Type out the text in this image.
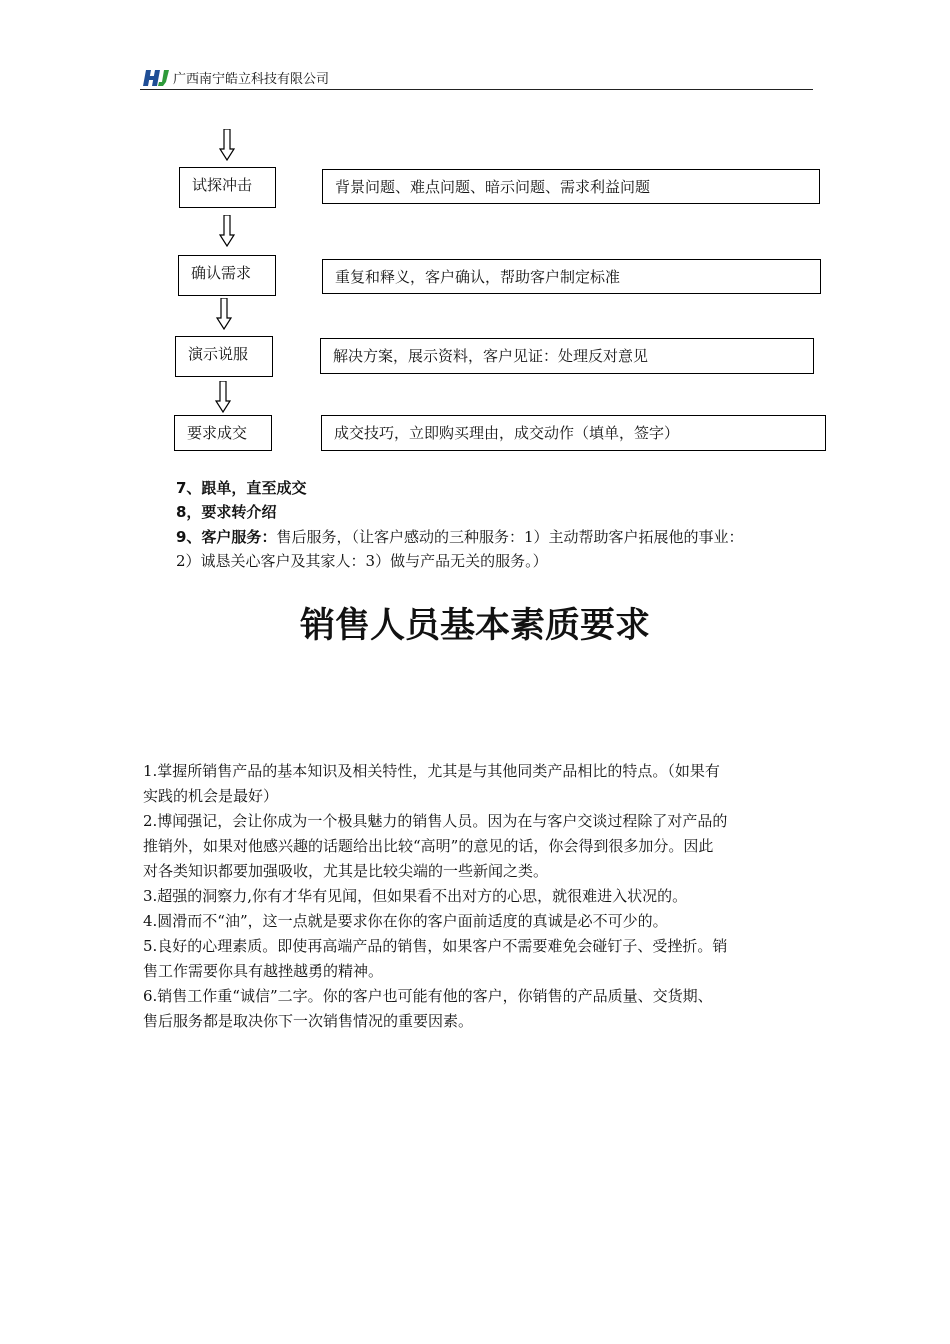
广西南宁皓立科技有限公司
试探冲击	背景问题、难点问题、暗示问题、需求利益问题
确认需求	重复和释义，客户确认，帮助客户制定标准
演示说服	解决方案，展示资料，客户见证：处理反对意见
要求成交	成交技巧，立即购买理由，成交动作（填单，签字）
7、跟单，直至成交
8，要求转介绍
9、客户服务：售后服务，（让客户感动的三种服务：1）主动帮助客户拓展他的事业：
2）诚恳关心客户及其家人：3）做与产品无关的服务。）
销售人员基本素质要求
1.掌握所销售产品的基本知识及相关特性，尤其是与其他同类产品相比的特点。（如果有
实践的机会是最好）
2.博闻强记，会让你成为一个极具魅力的销售人员。因为在与客户交谈过程除了对产品的
推销外，如果对他感兴趣的话题给出比较“高明”的意见的话，你会得到很多加分。因此
对各类知识都要加强吸收，尤其是比较尖端的一些新闻之类。
3.超强的洞察力,你有才华有见闻，但如果看不出对方的心思，就很难进入状况的。
4.圆滑而不“油”，这一点就是要求你在你的客户面前适度的真诚是必不可少的。
5.良好的心理素质。即使再高端产品的销售，如果客户不需要难免会碰钉子、受挫折。销
售工作需要你具有越挫越勇的精神。
6.销售工作重“诚信”二字。你的客户也可能有他的客户，你销售的产品质量、交货期、
售后服务都是取决你下一次销售情况的重要因素。
